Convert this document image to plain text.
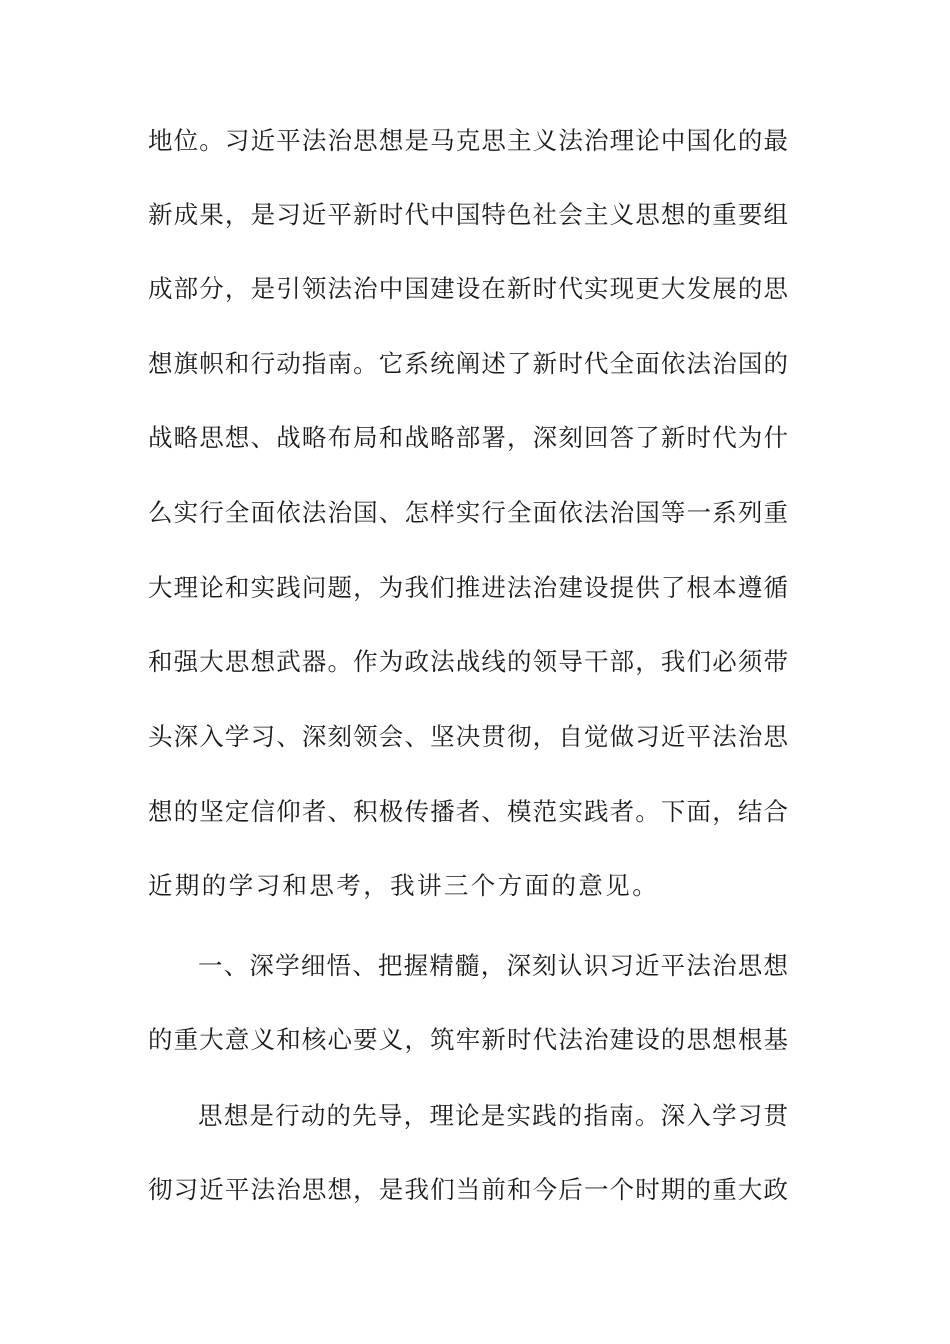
地位。习近平法治思想是马克思主义法治理论中国化的最
新成果，是习近平新时代中国特色社会主义思想的重要组
成部分，是引领法治中国建设在新时代实现更大发展的思
想旗帜和行动指南。它系统阐述了新时代全面依法治国的
战略思想、战略布局和战略部署，深刻回答了新时代为什
么实行全面依法治国、怎样实行全面依法治国等一系列重
大理论和实践问题，为我们推进法治建设提供了根本遵循
和强大思想武器。作为政法战线的领导干部，我们必须带
头深入学习、深刻领会、坚决贯彻，自觉做习近平法治思
想的坚定信仰者、积极传播者、模范实践者。下面，结合
近期的学习和思考，我讲三个方面的意见。
一、深学细悟、把握精髓，深刻认识习近平法治思想
的重大意义和核心要义，筑牢新时代法治建设的思想根基
思想是行动的先导，理论是实践的指南。深入学习贯
彻习近平法治思想，是我们当前和今后一个时期的重大政
